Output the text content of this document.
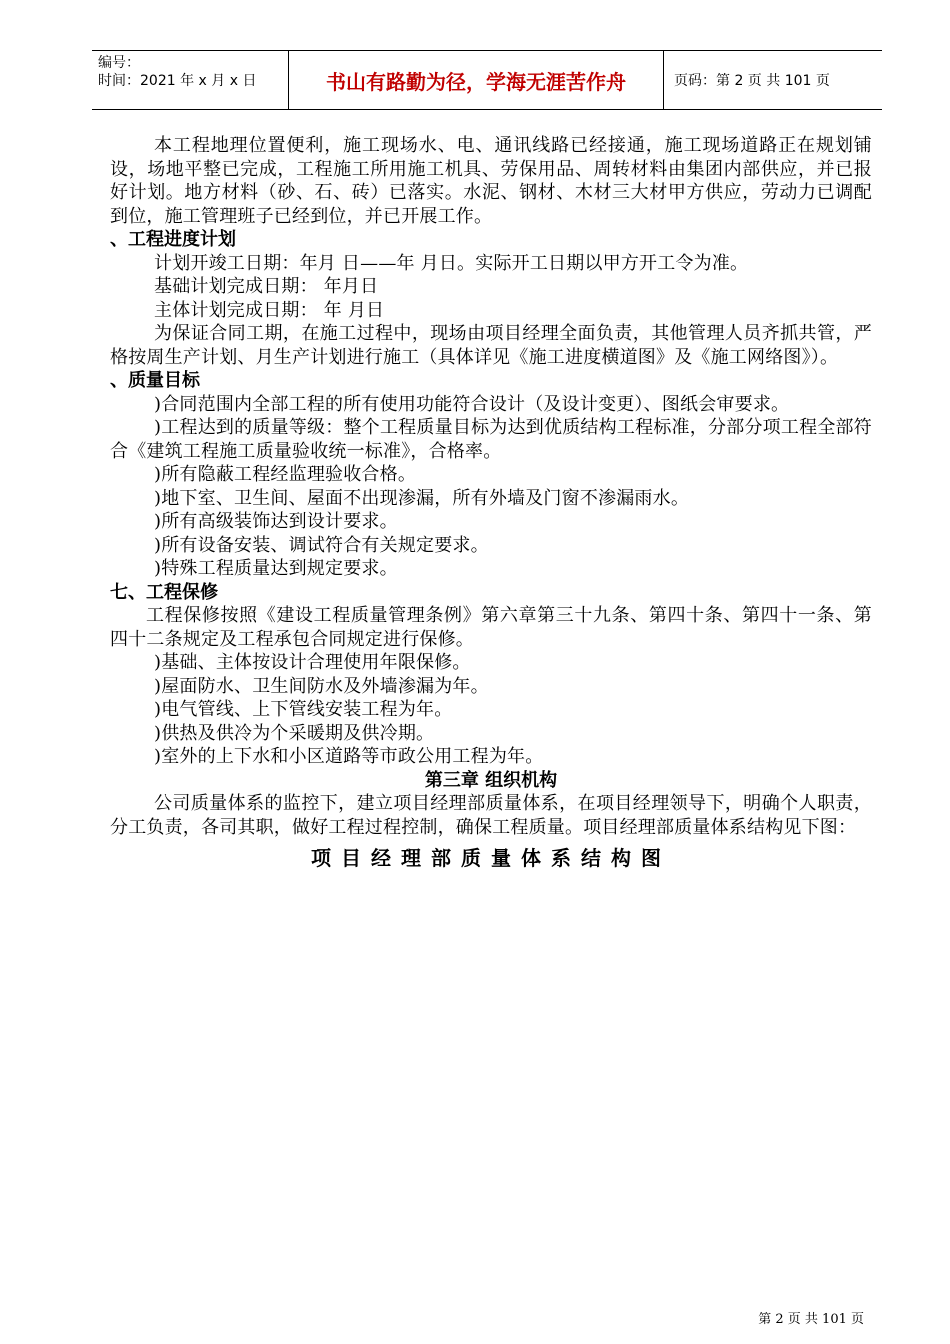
编号：
时间：2021 年 x 月 x 日	书山有路勤为径，学海无涯苦作舟	页码：第 2 页 共 101 页

本工程地理位置便利，施工现场水、电、通讯线路已经接通，施工现场道路正在规划铺设，场地平整已完成，工程施工所用施工机具、劳保用品、周转材料由集团内部供应，并已报好计划。地方材料（砂、石、砖）已落实。水泥、钢材、木材三大材甲方供应，劳动力已调配到位，施工管理班子已经到位，并已开展工作。

、工程进度计划

计划开竣工日期：年月 日——年 月日。实际开工日期以甲方开工令为准。

基础计划完成日期： 年月日

主体计划完成日期： 年 月日

为保证合同工期，在施工过程中，现场由项目经理全面负责，其他管理人员齐抓共管，严格按周生产计划、月生产计划进行施工（具体详见《施工进度横道图》及《施工网络图》）。

、质量目标

)合同范围内全部工程的所有使用功能符合设计（及设计变更）、图纸会审要求。

)工程达到的质量等级：整个工程质量目标为达到优质结构工程标准，分部分项工程全部符合《建筑工程施工质量验收统一标准》，合格率。

)所有隐蔽工程经监理验收合格。

)地下室、卫生间、屋面不出现渗漏，所有外墙及门窗不渗漏雨水。

)所有高级装饰达到设计要求。

)所有设备安装、调试符合有关规定要求。

)特殊工程质量达到规定要求。

七、工程保修

工程保修按照《建设工程质量管理条例》第六章第三十九条、第四十条、第四十一条、第四十二条规定及工程承包合同规定进行保修。

)基础、主体按设计合理使用年限保修。

)屋面防水、卫生间防水及外墙渗漏为年。

)电气管线、上下管线安装工程为年。

)供热及供冷为个采暖期及供冷期。

)室外的上下水和小区道路等市政公用工程为年。

第三章 组织机构

公司质量体系的监控下，建立项目经理部质量体系，在项目经理领导下，明确个人职责，分工负责，各司其职，做好工程过程控制，确保工程质量。项目经理部质量体系结构见下图：

项目经理部质量体系结构图

第 2 页 共 101 页
